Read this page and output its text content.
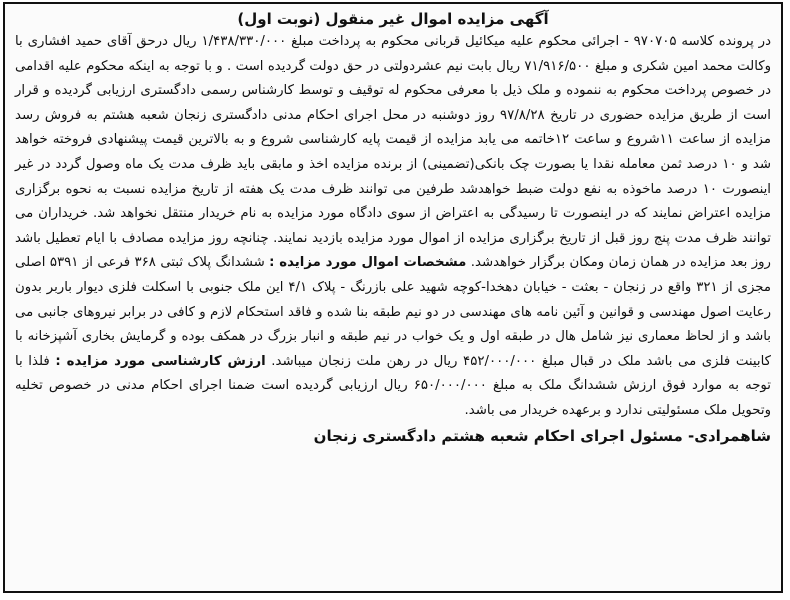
آگهی مزایده اموال غیر منقول (نوبت اول)

در پرونده کلاسه ۹۷۰۷۰۵ - اجرائی محکوم علیه میکائیل قربانی محکوم به پرداخت مبلغ ۱/۴۳۸/۳۳۰/۰۰۰ ریال درحق آقای حمید افشاری با وکالت محمد امین شکری و مبلغ ۷۱/۹۱۶/۵۰۰ ریال بابت نیم عشردولتی در حق دولت گردیده است . و با توجه به اینکه محکوم علیه اقدامی در خصوص پرداخت محکوم به ننموده و ملک ذیل با معرفی محکوم له توقیف و توسط کارشناس رسمی دادگستری ارزیابی گردیده و قرار است از طریق مزایده حضوری در تاریخ ۹۷/۸/۲۸ روز دوشنبه در محل اجرای احکام مدنی دادگستری زنجان شعبه هشتم به فروش رسد مزایده از ساعت ۱۱شروع و ساعت ۱۲خاتمه می یابد مزایده از قیمت پایه کارشناسی شروع و به بالاترین قیمت پیشنهادی فروخته خواهد شد و ۱۰ درصد ثمن معامله نقدا یا بصورت چک بانکی(تضمینی) از برنده مزایده اخذ و مابقی باید ظرف مدت یک ماه وصول گردد در غیر اینصورت ۱۰ درصد ماخوذه به نفع دولت ضبط خواهدشد طرفین می توانند ظرف مدت یک هفته از تاریخ مزایده نسبت به نحوه برگزاری مزایده اعتراض نمایند که در اینصورت تا رسیدگی به اعتراض از سوی دادگاه مورد مزایده به نام خریدار منتقل نخواهد شد. خریداران می توانند ظرف مدت پنج روز قبل از تاریخ برگزاری مزایده از اموال مورد مزایده بازدید نمایند. چنانچه روز مزایده مصادف با ایام تعطیل باشد روز بعد مزایده در همان زمان ومکان برگزار خواهدشد. مشخصات اموال مورد مزایده : ششدانگ پلاک ثبتی ۳۶۸ فرعی از ۵۳۹۱ اصلی مجزی از ۳۲۱ واقع در زنجان - بعثت - خیابان دهخدا-کوچه شهید علی بازرنگ - پلاک ۴/۱ این ملک جنوبی با اسکلت فلزی دیوار باربر بدون رعایت اصول مهندسی و قوانین و آئین نامه های مهندسی در دو نیم طبقه بنا شده و فاقد استحکام لازم و کافی در برابر نیروهای جانبی می باشد و از لحاظ معماری نیز شامل هال در طبقه اول و یک خواب در نیم طبقه و انبار بزرگ در همکف بوده و گرمایش بخاری آشپزخانه با کابینت فلزی می باشد ملک در قبال مبلغ ۴۵۲/۰۰۰/۰۰۰ ریال در رهن ملت زنجان میباشد. ارزش کارشناسی مورد مزایده : فلذا با توجه به موارد فوق ارزش ششدانگ ملک به مبلغ ۶۵۰/۰۰۰/۰۰۰ ریال ارزیابی گردیده است ضمنا اجرای احکام مدنی در خصوص تخلیه وتحویل ملک مسئولیتی ندارد و برعهده خریدار می باشد.

شاهمرادی- مسئول اجرای احکام شعبه هشتم دادگستری زنجان
